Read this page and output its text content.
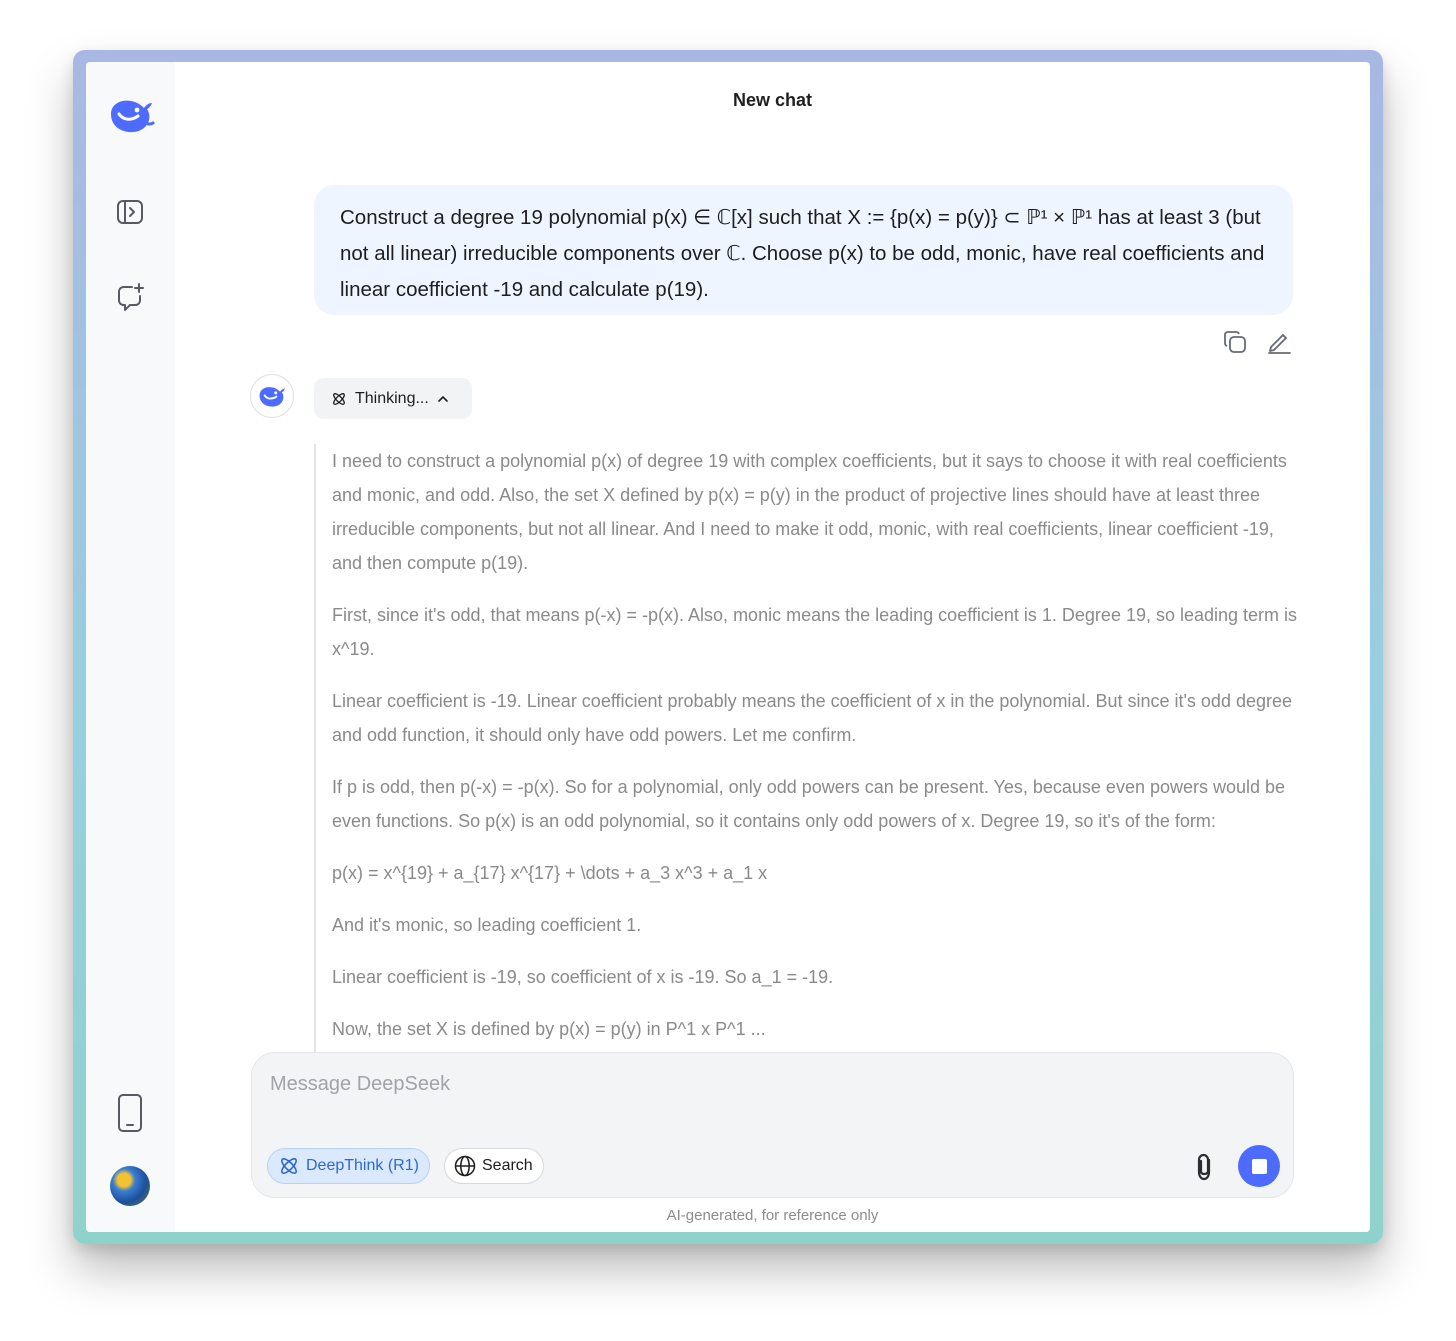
New chat
Construct a degree 19 polynomial p(x) ∈ ℂ[x] such that X := {p(x) = p(y)} ⊂ ℙ¹ × ℙ¹ has at least 3 (but not all linear) irreducible components over ℂ. Choose p(x) to be odd, monic, have real coefficients and linear coefficient -19 and calculate p(19).
Thinking...

I need to construct a polynomial p(x) of degree 19 with complex coefficients, but it says to choose it with real coefficients and monic, and odd. Also, the set X defined by p(x) = p(y) in the product of projective lines should have at least three irreducible components, but not all linear. And I need to make it odd, monic, with real coefficients, linear coefficient -19, and then compute p(19).

First, since it's odd, that means p(-x) = -p(x). Also, monic means the leading coefficient is 1. Degree 19, so leading term is x^19.

Linear coefficient is -19. Linear coefficient probably means the coefficient of x in the polynomial. But since it's odd degree and odd function, it should only have odd powers. Let me confirm.

If p is odd, then p(-x) = -p(x). So for a polynomial, only odd powers can be present. Yes, because even powers would be even functions. So p(x) is an odd polynomial, so it contains only odd powers of x. Degree 19, so it's of the form:

p(x) = x^{19} + a_{17} x^{17} + \dots + a_3 x^3 + a_1 x

And it's monic, so leading coefficient 1.

Linear coefficient is -19, so coefficient of x is -19. So a_1 = -19.

Now, the set X is defined by p(x) = p(y) in P^1 x P^1 ...

Message DeepSeek
DeepThink (R1)	Search
AI-generated, for reference only
